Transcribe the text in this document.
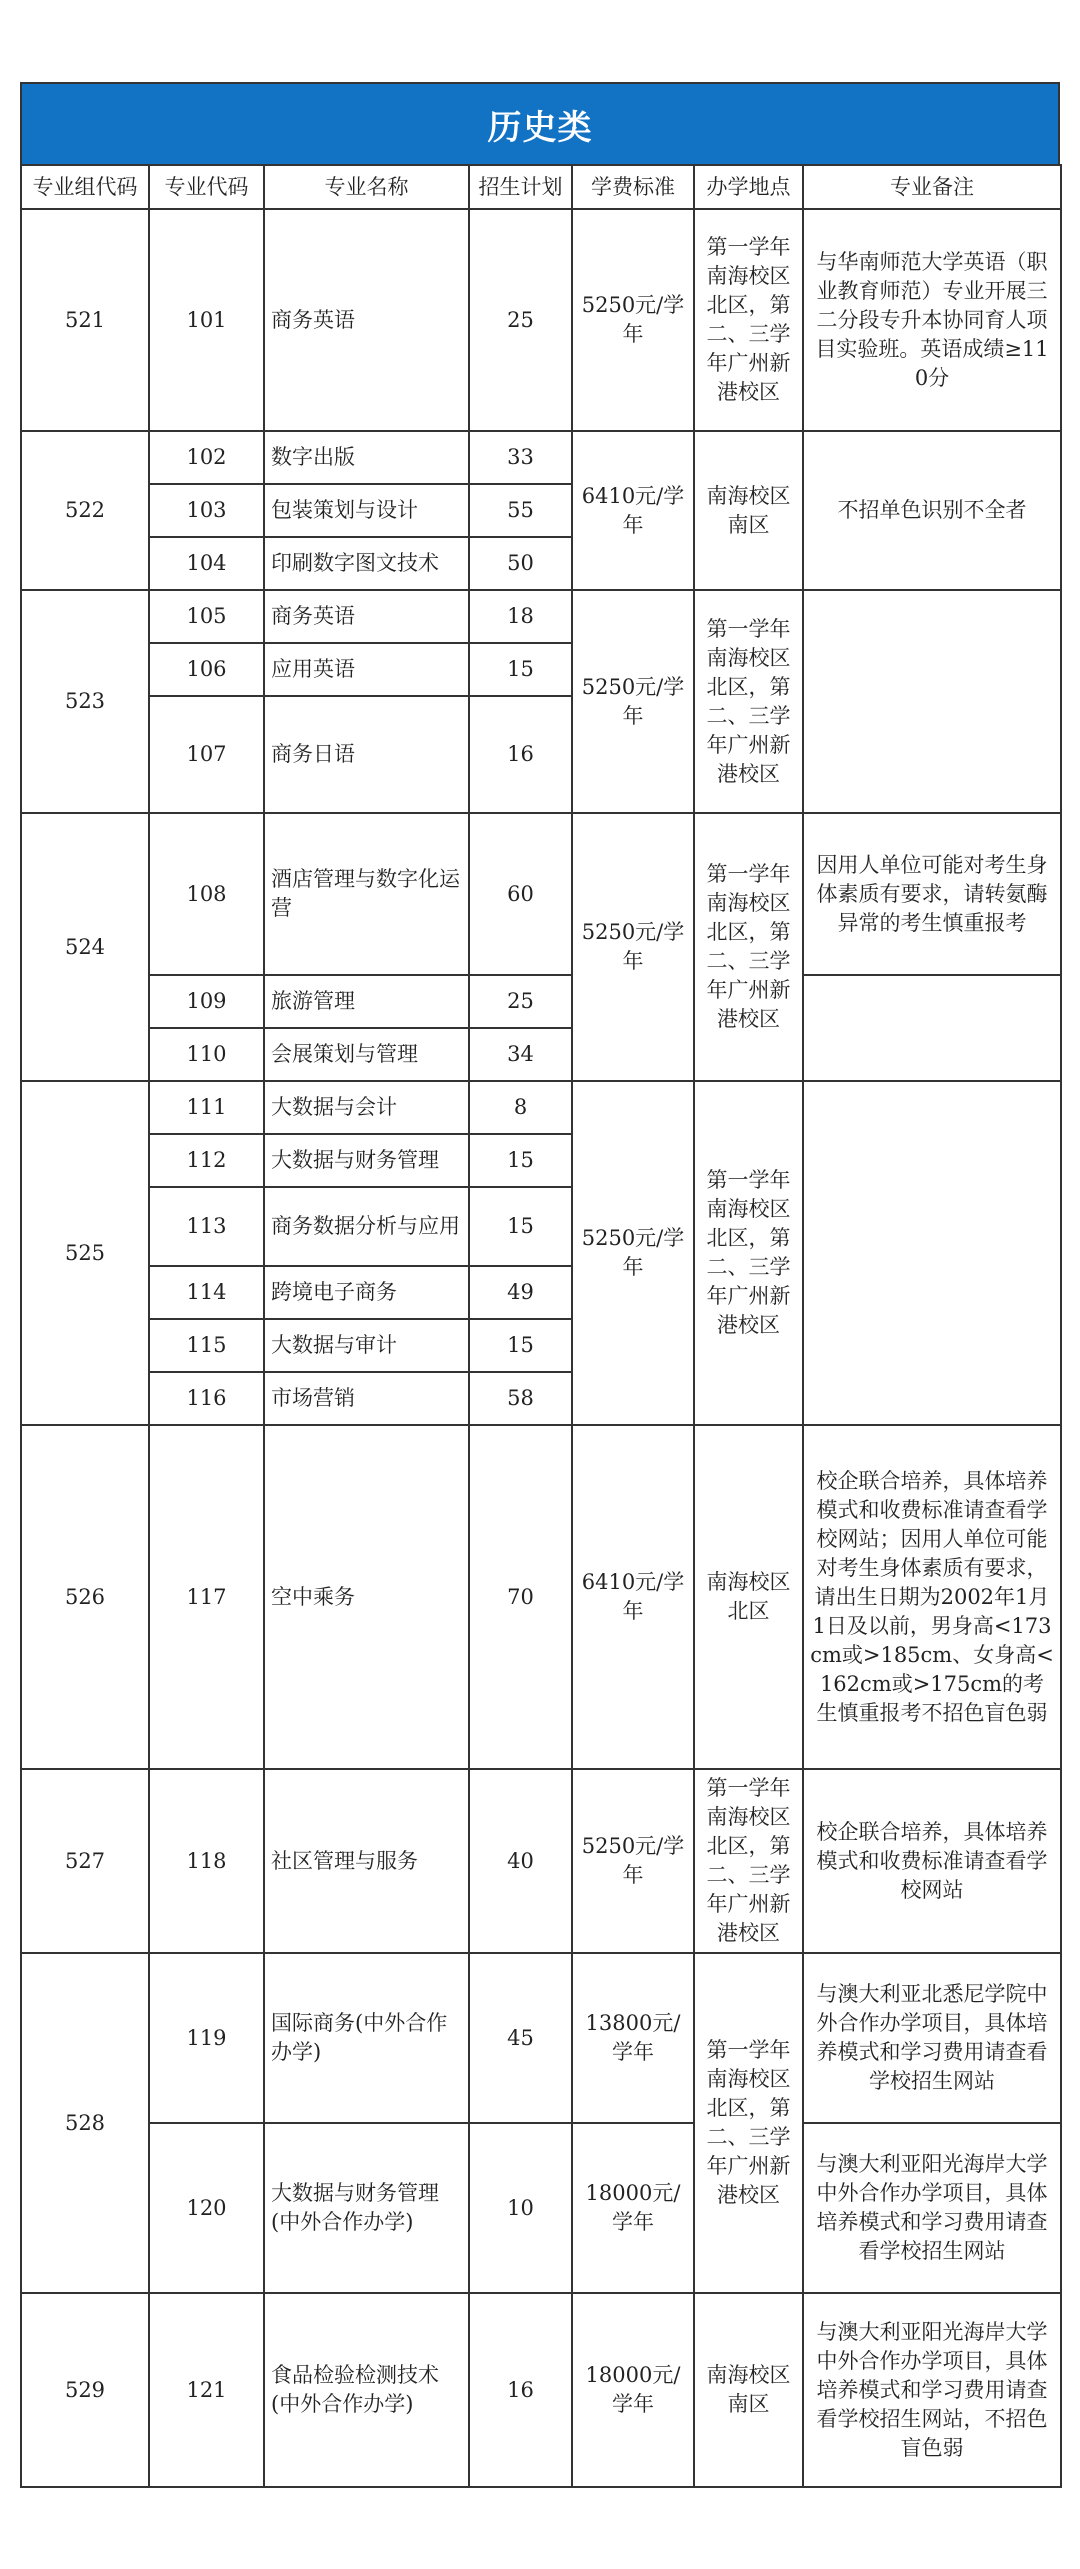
历史类
专业组代码	专业代码	专业名称	招生计划	学费标准	办学地点	专业备注
521	101	商务英语	25	5250元/学年	第一学年南海校区北区，第二、三学年广州新港校区	与华南师范大学英语（职业教育师范）专业开展三二分段专升本协同育人项目实验班。英语成绩≥110分
522	102	数字出版	33	6410元/学年	南海校区南区	不招单色识别不全者
	103	包装策划与设计	55			
	104	印刷数字图文技术	50			
523	105	商务英语	18	5250元/学年	第一学年南海校区北区，第二、三学年广州新港校区	
	106	应用英语	15			
	107	商务日语	16			
524	108	酒店管理与数字化运营	60	5250元/学年	第一学年南海校区北区，第二、三学年广州新港校区	因用人单位可能对考生身体素质有要求，请转氨酶异常的考生慎重报考
	109	旅游管理	25			
	110	会展策划与管理	34			
525	111	大数据与会计	8	5250元/学年	第一学年南海校区北区，第二、三学年广州新港校区	
	112	大数据与财务管理	15			
	113	商务数据分析与应用	15			
	114	跨境电子商务	49			
	115	大数据与审计	15			
	116	市场营销	58			
526	117	空中乘务	70	6410元/学年	南海校区北区	校企联合培养，具体培养模式和收费标准请查看学校网站；因用人单位可能对考生身体素质有要求，请出生日期为2002年1月1日及以前，男身高<173cm或>185cm、女身高<162cm或>175cm的考生慎重报考不招色盲色弱
527	118	社区管理与服务	40	5250元/学年	第一学年南海校区北区，第二、三学年广州新港校区	校企联合培养，具体培养模式和收费标准请查看学校网站
528	119	国际商务(中外合作办学)	45	13800元/学年	第一学年南海校区北区，第二、三学年广州新港校区	与澳大利亚北悉尼学院中外合作办学项目，具体培养模式和学习费用请查看学校招生网站
	120	大数据与财务管理(中外合作办学)	10	18000元/学年		与澳大利亚阳光海岸大学中外合作办学项目，具体培养模式和学习费用请查看学校招生网站
529	121	食品检验检测技术(中外合作办学)	16	18000元/学年	南海校区南区	与澳大利亚阳光海岸大学中外合作办学项目，具体培养模式和学习费用请查看学校招生网站，不招色盲色弱
